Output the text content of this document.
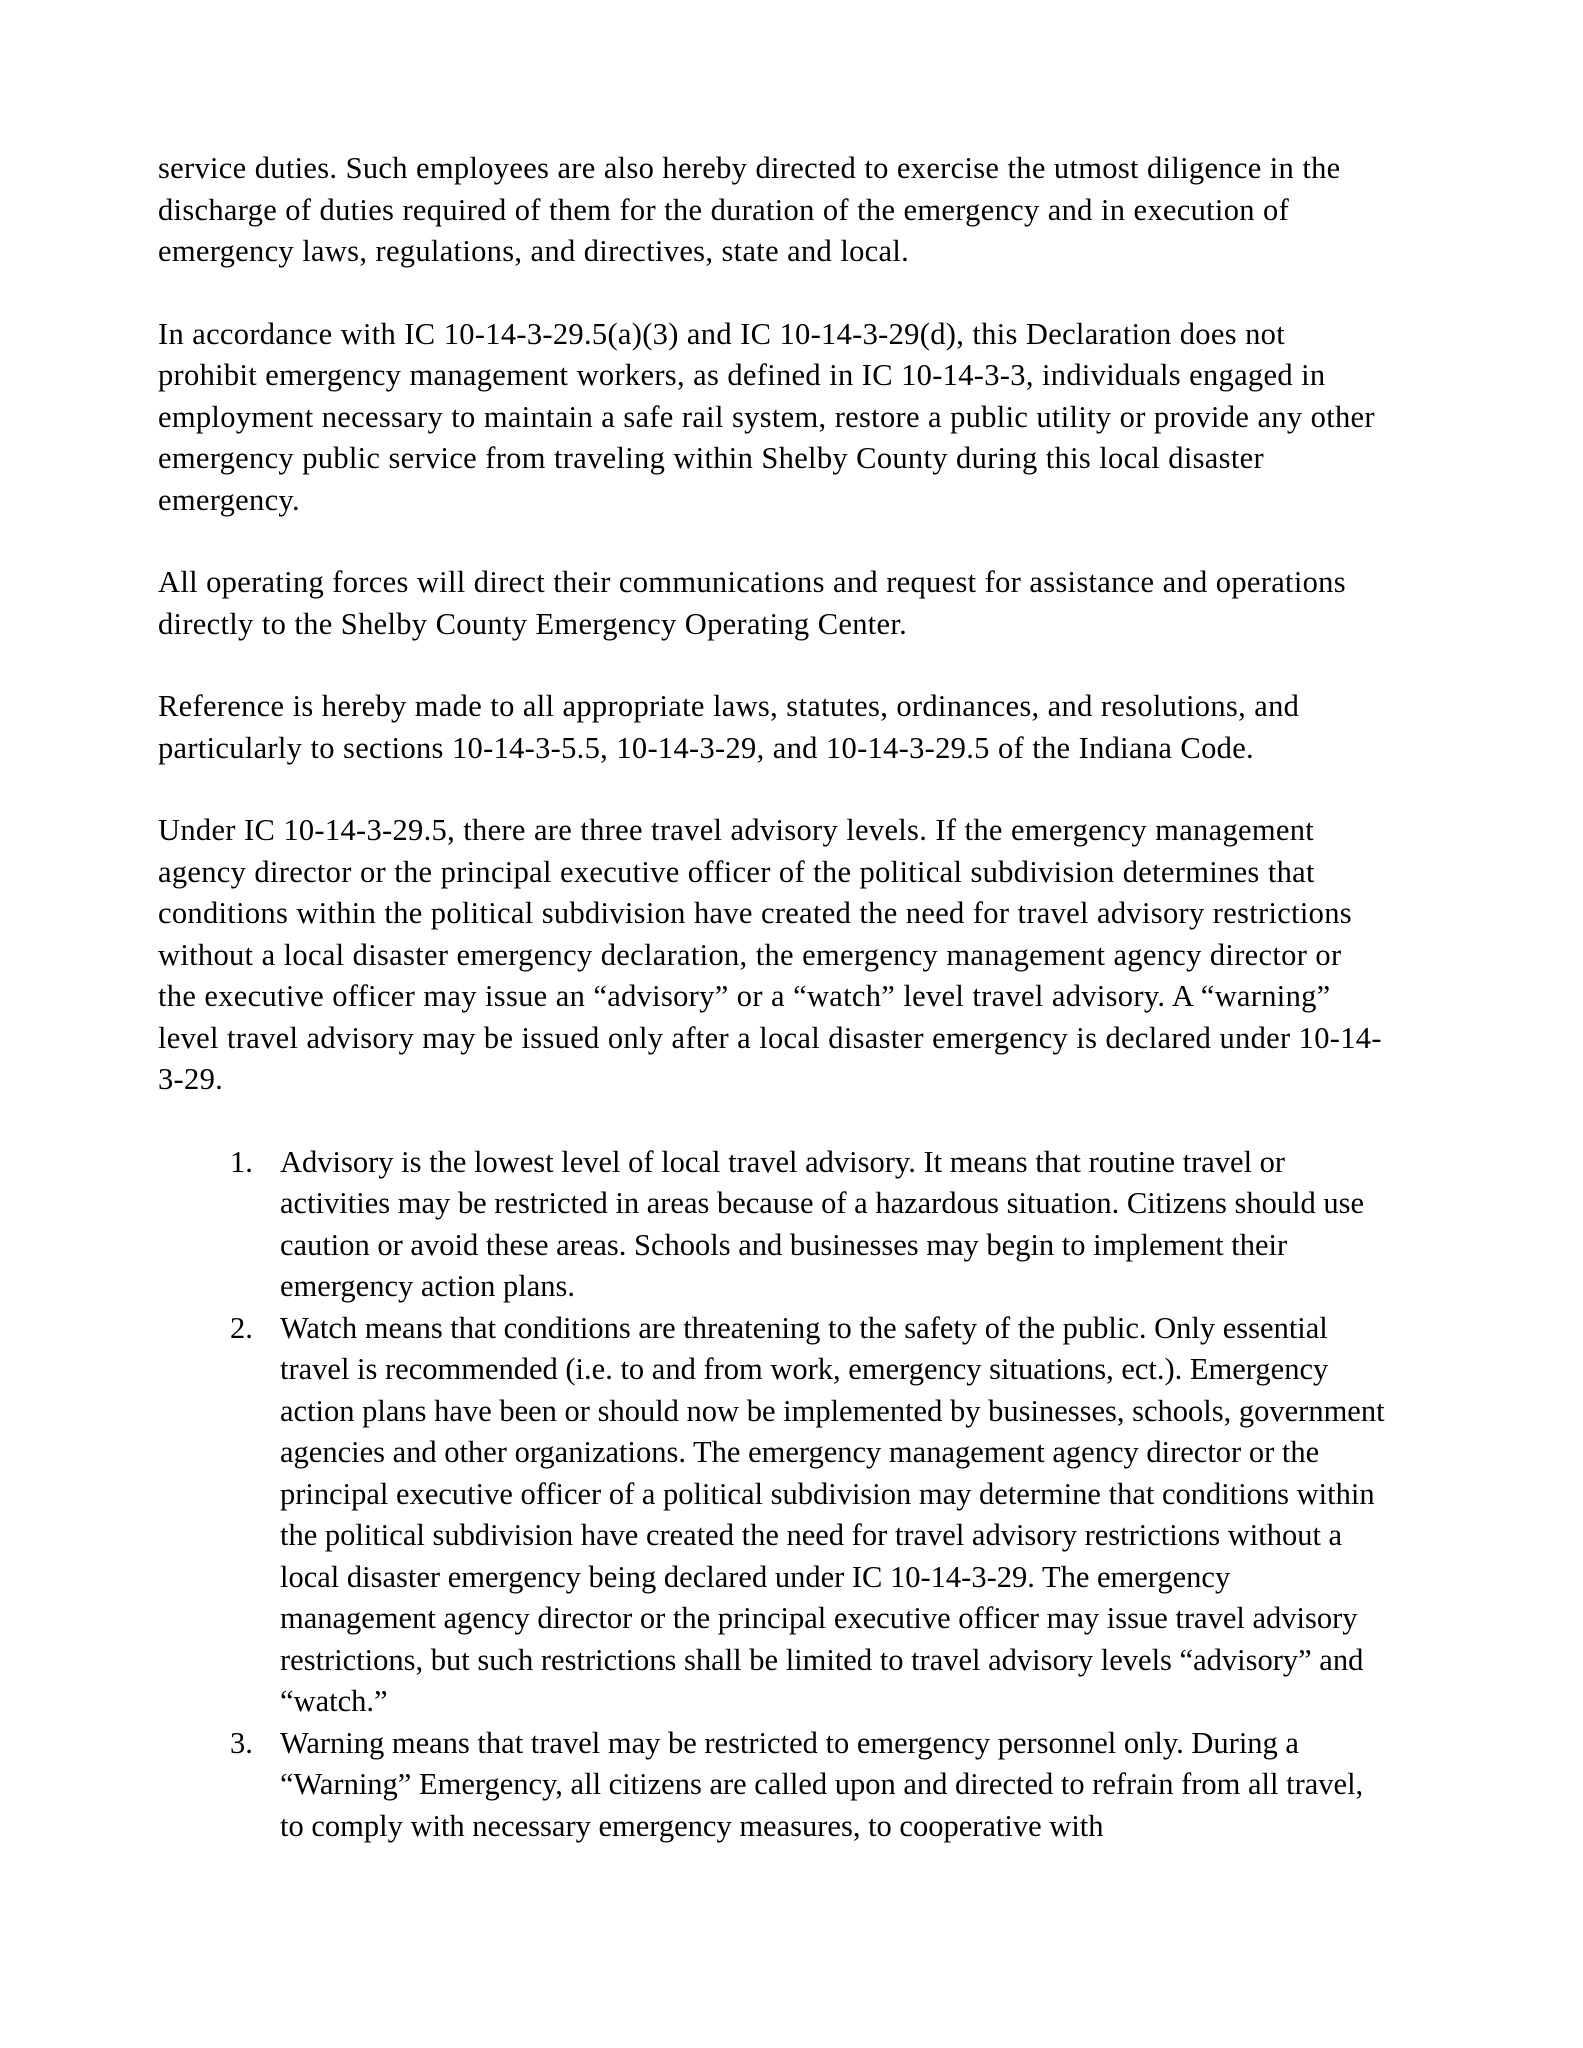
service duties. Such employees are also hereby directed to exercise the utmost diligence in the discharge of duties required of them for the duration of the emergency and in execution of emergency laws, regulations, and directives, state and local.

In accordance with IC 10-14-3-29.5(a)(3) and IC 10-14-3-29(d), this Declaration does not prohibit emergency management workers, as defined in IC 10-14-3-3, individuals engaged in employment necessary to maintain a safe rail system, restore a public utility or provide any other emergency public service from traveling within Shelby County during this local disaster emergency.

All operating forces will direct their communications and request for assistance and operations directly to the Shelby County Emergency Operating Center.

Reference is hereby made to all appropriate laws, statutes, ordinances, and resolutions, and particularly to sections 10-14-3-5.5, 10-14-3-29, and 10-14-3-29.5 of the Indiana Code.

Under IC 10-14-3-29.5, there are three travel advisory levels. If the emergency management agency director or the principal executive officer of the political subdivision determines that conditions within the political subdivision have created the need for travel advisory restrictions without a local disaster emergency declaration, the emergency management agency director or the executive officer may issue an “advisory” or a “watch” level travel advisory. A “warning” level travel advisory may be issued only after a local disaster emergency is declared under 10-14-3-29.

1. Advisory is the lowest level of local travel advisory. It means that routine travel or activities may be restricted in areas because of a hazardous situation. Citizens should use caution or avoid these areas. Schools and businesses may begin to implement their emergency action plans.
2. Watch means that conditions are threatening to the safety of the public. Only essential travel is recommended (i.e. to and from work, emergency situations, ect.). Emergency action plans have been or should now be implemented by businesses, schools, government agencies and other organizations. The emergency management agency director or the principal executive officer of a political subdivision may determine that conditions within the political subdivision have created the need for travel advisory restrictions without a local disaster emergency being declared under IC 10-14-3-29. The emergency management agency director or the principal executive officer may issue travel advisory restrictions, but such restrictions shall be limited to travel advisory levels “advisory” and “watch.”
3. Warning means that travel may be restricted to emergency personnel only. During a “Warning” Emergency, all citizens are called upon and directed to refrain from all travel, to comply with necessary emergency measures, to cooperative with
